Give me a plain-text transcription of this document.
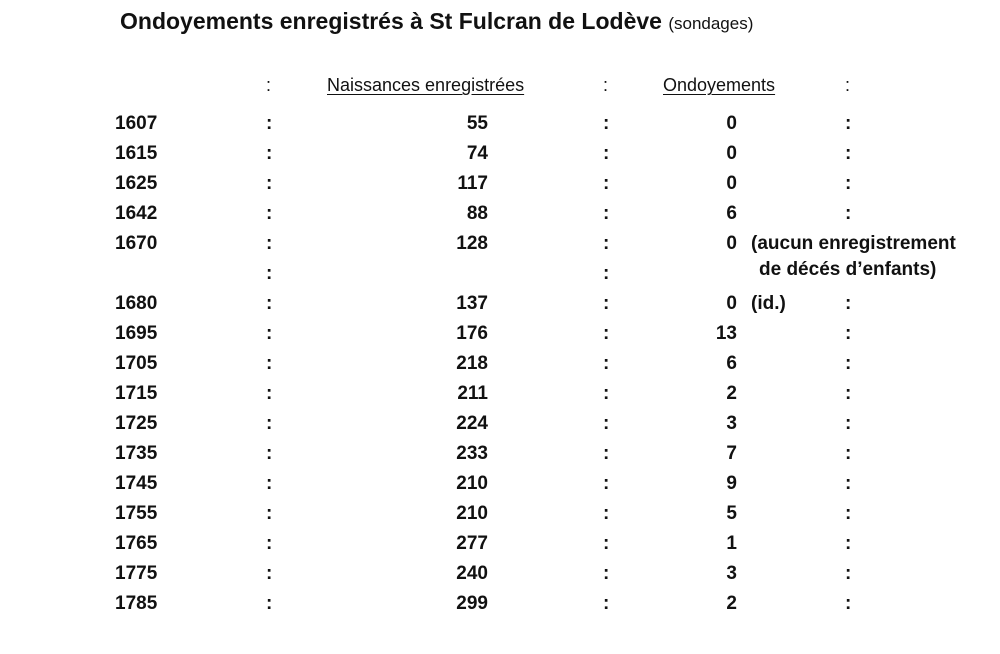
Ondoyements enregistrés à St Fulcran de Lodève (sondages)
:	Naissances enregistrées	:	Ondoyements	:
1607	:	55	:	0	:
1615	:	74	:	0	:
1625	:	117	:	0	:
1642	:	88	:	6	:
1670	:	128	:	0 (aucun enregistrement
de décés d’enfants)
:	:
1680	:	137	:	0 (id.)	:
1695	:	176	:	13	:
1705	:	218	:	6	:
1715	:	211	:	2	:
1725	:	224	:	3	:
1735	:	233	:	7	:
1745	:	210	:	9	:
1755	:	210	:	5	:
1765	:	277	:	1	:
1775	:	240	:	3	:
1785	:	299	:	2	:
